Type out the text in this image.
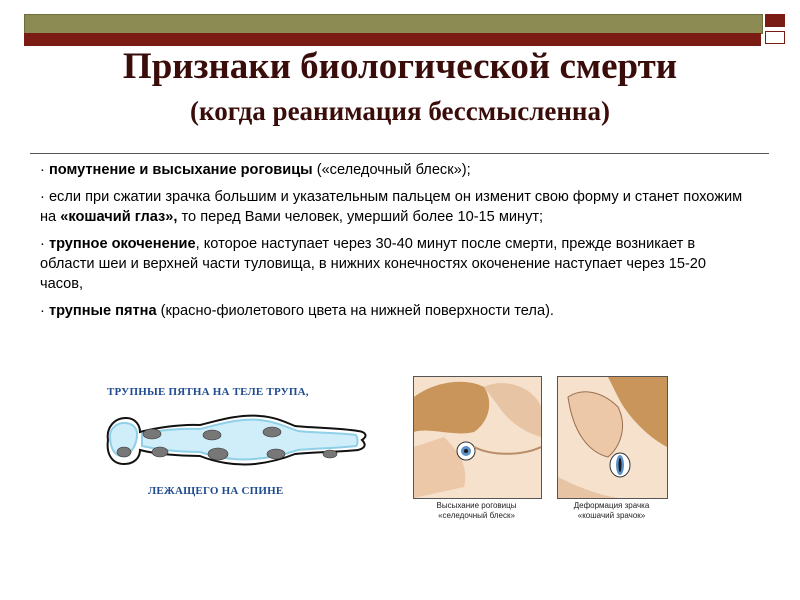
Признаки биологической смерти
(когда реанимация бессмысленна)

· помутнение и высыхание роговицы («селедочный блеск»);

· если при сжатии зрачка большим и указательным пальцем он изменит свою форму и станет похожим на «кошачий глаз», то перед Вами человек, умерший более 10-15 минут;

· трупное окоченение, которое наступает через 30-40 минут после смерти, прежде возникает в области шеи и верхней части туловища, в нижних конечностях окоченение наступает через 15-20 часов,

· трупные пятна (красно-фиолетового цвета на нижней поверхности тела).

ТРУПНЫЕ ПЯТНА НА ТЕЛЕ ТРУПА,
ЛЕЖАЩЕГО НА СПИНЕ
Высыхание роговицы
«селедочный блеск»
Деформация зрачка
«кошачий зрачок»
